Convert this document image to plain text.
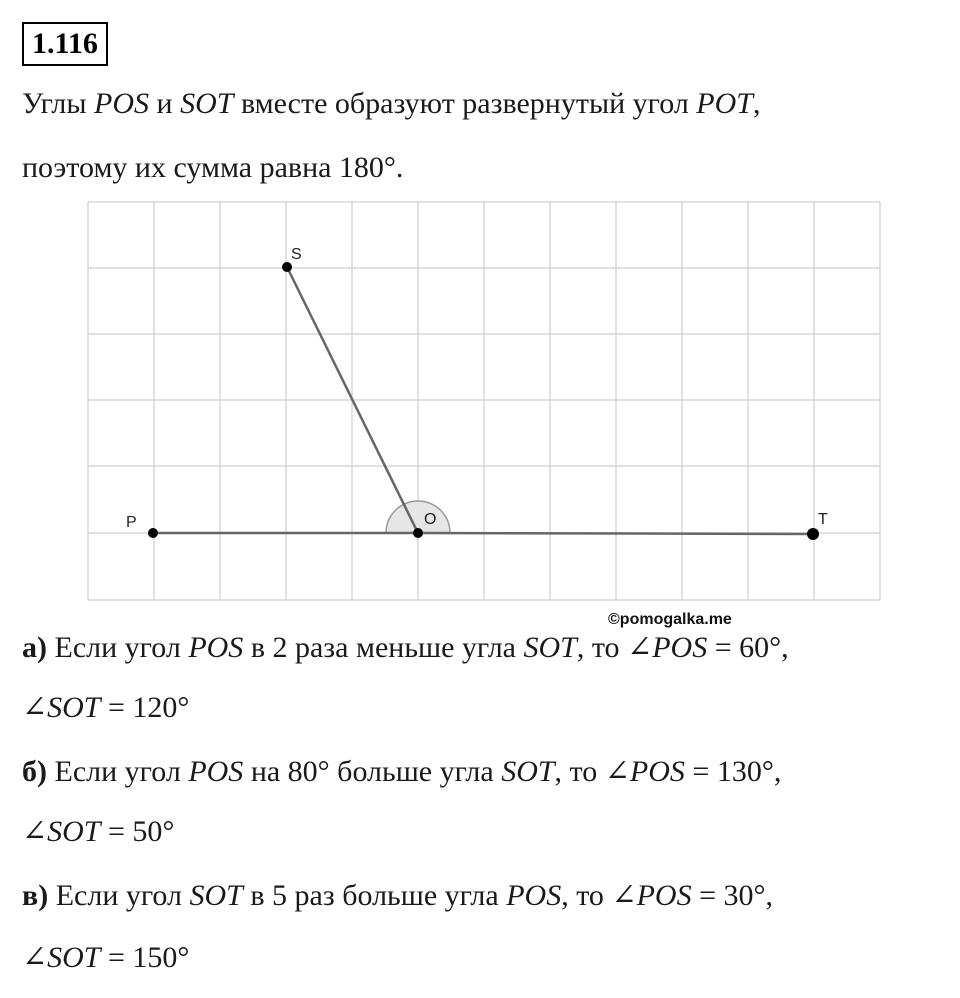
1.116
Углы POS и SOT вместе образуют развернутый угол POT,
поэтому их сумма равна 180°.
P	O	T
S
©pomogalka.me
а) Если угол POS в 2 раза меньше угла SOT, то ∠POS = 60°,
∠SOT = 120°
б) Если угол POS на 80° больше угла SOT, то ∠POS = 130°,
∠SOT = 50°
в) Если угол SOT в 5 раз больше угла POS, то ∠POS = 30°,
∠SOT = 150°
